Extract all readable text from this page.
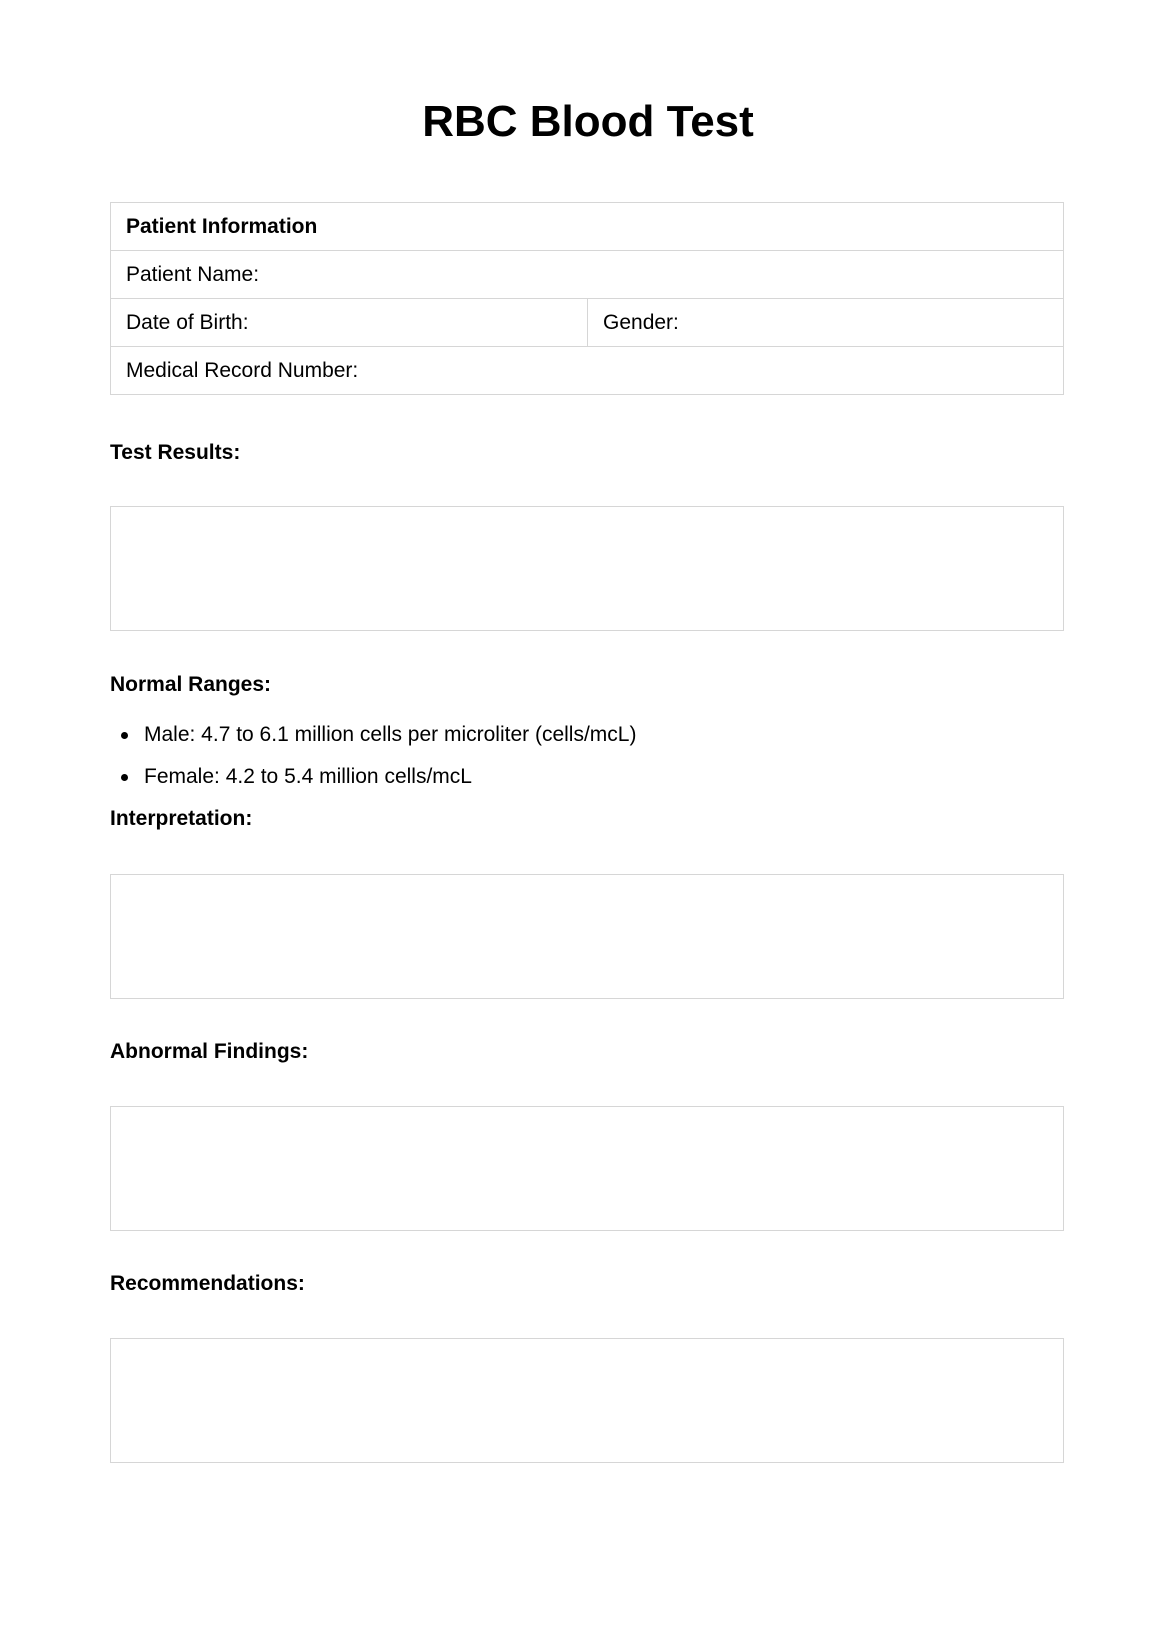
RBC Blood Test
Patient Information
Patient Name:
Date of Birth:	Gender:
Medical Record Number:
Test Results:
Normal Ranges:
Male: 4.7 to 6.1 million cells per microliter (cells/mcL)
Female: 4.2 to 5.4 million cells/mcL
Interpretation:
Abnormal Findings:
Recommendations:
